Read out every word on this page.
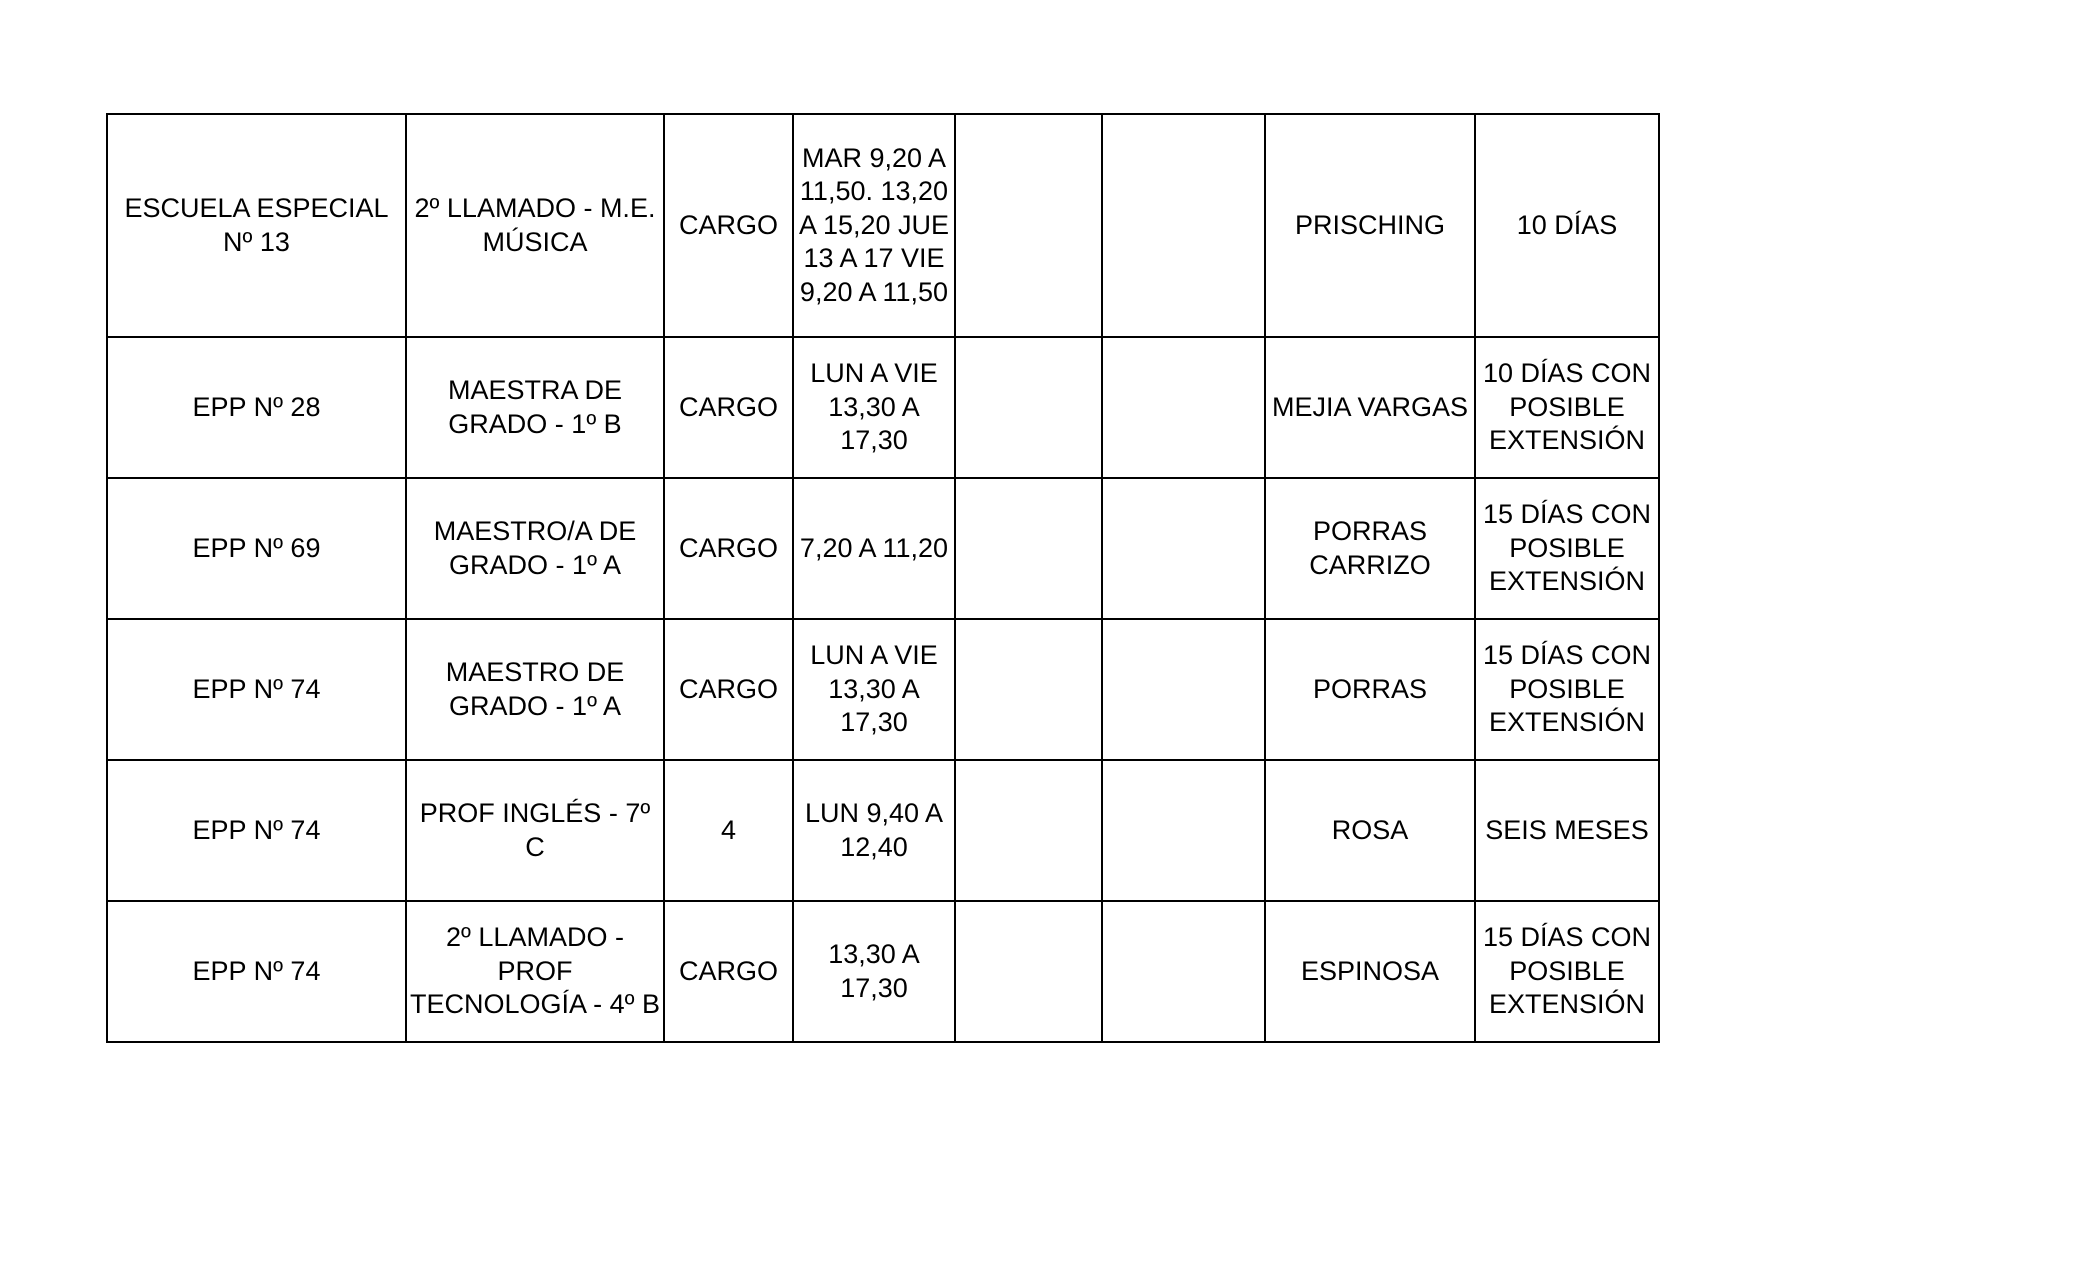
ESCUELA ESPECIAL Nº 13	2º LLAMADO - M.E. MÚSICA	CARGO	MAR 9,20 A 11,50. 13,20 A 15,20 JUE 13 A 17 VIE 9,20 A 11,50			PRISCHING	10 DÍAS
EPP Nº 28	MAESTRA DE GRADO - 1º B	CARGO	LUN A VIE 13,30 A 17,30			MEJIA VARGAS	10 DÍAS CON POSIBLE EXTENSIÓN
EPP Nº 69	MAESTRO/A DE GRADO - 1º A	CARGO	7,20 A 11,20			PORRAS CARRIZO	15 DÍAS CON POSIBLE EXTENSIÓN
EPP Nº 74	MAESTRO DE GRADO - 1º A	CARGO	LUN A VIE 13,30 A 17,30			PORRAS	15 DÍAS CON POSIBLE EXTENSIÓN
EPP Nº 74	PROF INGLÉS - 7º C	4	LUN 9,40 A 12,40			ROSA	SEIS MESES
EPP Nº 74	2º LLAMADO - PROF TECNOLOGÍA - 4º B	CARGO	13,30 A 17,30			ESPINOSA	15 DÍAS CON POSIBLE EXTENSIÓN
